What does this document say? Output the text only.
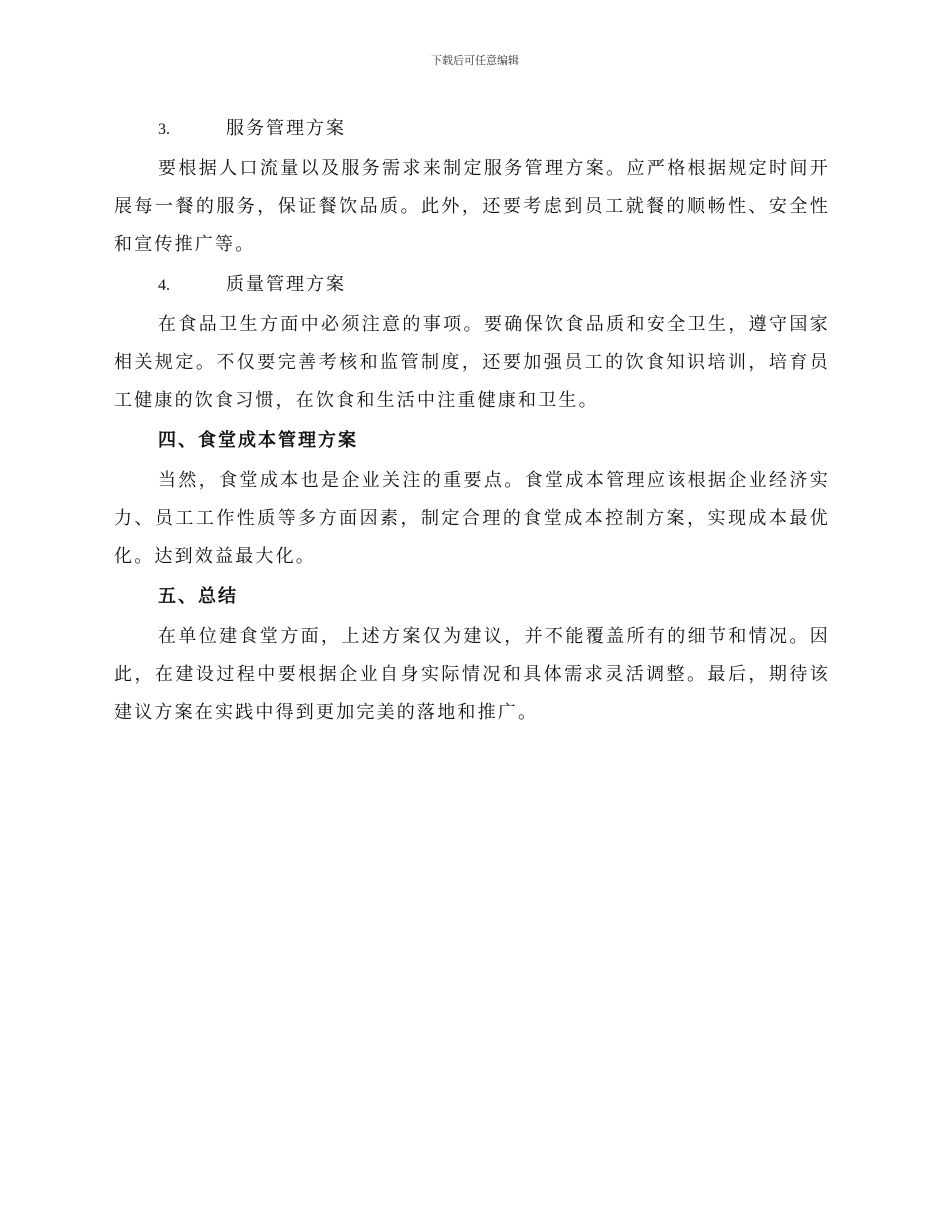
下载后可任意编辑
3.	服务管理方案

要根据人口流量以及服务需求来制定服务管理方案。应严格根据规定时间开展每一餐的服务，保证餐饮品质。此外，还要考虑到员工就餐的顺畅性、安全性和宣传推广等。

4.	质量管理方案

在食品卫生方面中必须注意的事项。要确保饮食品质和安全卫生，遵守国家相关规定。不仅要完善考核和监管制度，还要加强员工的饮食知识培训，培育员工健康的饮食习惯，在饮食和生活中注重健康和卫生。

四、食堂成本管理方案

当然，食堂成本也是企业关注的重要点。食堂成本管理应该根据企业经济实力、员工工作性质等多方面因素，制定合理的食堂成本控制方案，实现成本最优化。达到效益最大化。

五、总结

在单位建食堂方面，上述方案仅为建议，并不能覆盖所有的细节和情况。因此，在建设过程中要根据企业自身实际情况和具体需求灵活调整。最后，期待该建议方案在实践中得到更加完美的落地和推广。
